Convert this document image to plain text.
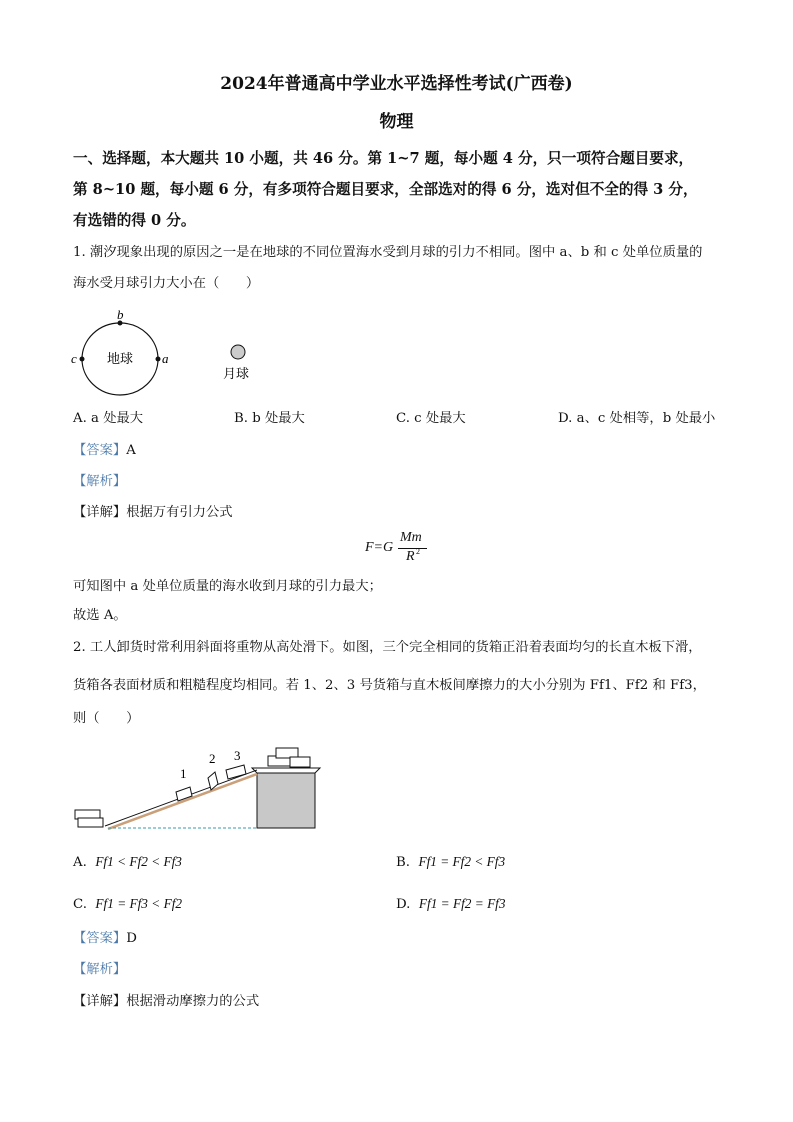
2024年普通高中学业水平选择性考试(广西卷)
物理
一、选择题，本大题共 10 小题，共 46 分。第 1~7 题，每小题 4 分，只一项符合题目要求，
第 8~10 题，每小题 6 分，有多项符合题目要求，全部选对的得 6 分，选对但不全的得 3 分，
有选错的得 0 分。
1. 潮汐现象出现的原因之一是在地球的不同位置海水受到月球的引力不相同。图中 a、b 和 c 处单位质量的
海水受月球引力大小在（　　）
b
a
c 地球
月球
A. a 处最大	B. b 处最大	C. c 处最大	D. a、c 处相等，b 处最小
【答案】A
【解析】
【详解】根据万有引力公式
F=G
Mm
R 2
可知图中 a 处单位质量的海水收到月球的引力最大；
故选 A。
2. 工人卸货时常利用斜面将重物从高处滑下。如图，三个完全相同的货箱正沿着表面均匀的长直木板下滑，
货箱各表面材质和粗糙程度均相同。若 1、2、3 号货箱与直木板间摩擦力的大小分别为 Ff1、Ff2 和 Ff3，
则（　　）
1
2 3
A. Ff1 < Ff2 < Ff3	B. Ff1 = Ff2 < Ff3
C. Ff1 = Ff3 < Ff2	D. Ff1 = Ff2 = Ff3
【答案】D
【解析】
【详解】根据滑动摩擦力的公式
